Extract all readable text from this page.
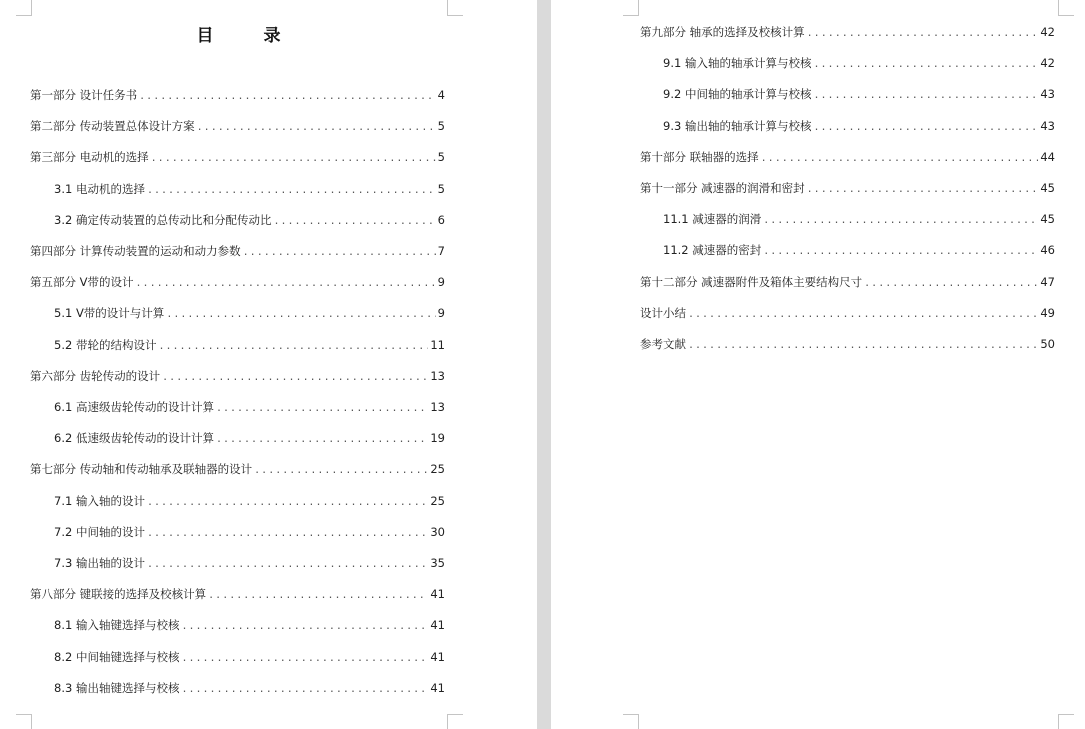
目 录
第一部分 设计任务书 .....	4
第二部分 传动装置总体设计方案 .....	5
第三部分 电动机的选择 .....	5
3.1 电动机的选择 .....	5
3.2 确定传动装置的总传动比和分配传动比 .....	6
第四部分 计算传动装置的运动和动力参数 .....	7
第五部分 V带的设计 .....	9
5.1 V带的设计与计算 .....	9
5.2 带轮的结构设计 .....	11
第六部分 齿轮传动的设计 .....	13
6.1 高速级齿轮传动的设计计算 .....	13
6.2 低速级齿轮传动的设计计算 .....	19
第七部分 传动轴和传动轴承及联轴器的设计 .....	25
7.1 输入轴的设计 .....	25
7.2 中间轴的设计 .....	30
7.3 输出轴的设计 .....	35
第八部分 键联接的选择及校核计算 .....	41
8.1 输入轴键选择与校核 .....	41
8.2 中间轴键选择与校核 .....	41
8.3 输出轴键选择与校核 .....	41
第九部分 轴承的选择及校核计算 .....	42
9.1 输入轴的轴承计算与校核 .....	42
9.2 中间轴的轴承计算与校核 .....	43
9.3 输出轴的轴承计算与校核 .....	43
第十部分 联轴器的选择 .....	44
第十一部分 减速器的润滑和密封 .....	45
11.1 减速器的润滑 .....	45
11.2 减速器的密封 .....	46
第十二部分 减速器附件及箱体主要结构尺寸 .....	47
设计小结 .....	49
参考文献 .....	50
